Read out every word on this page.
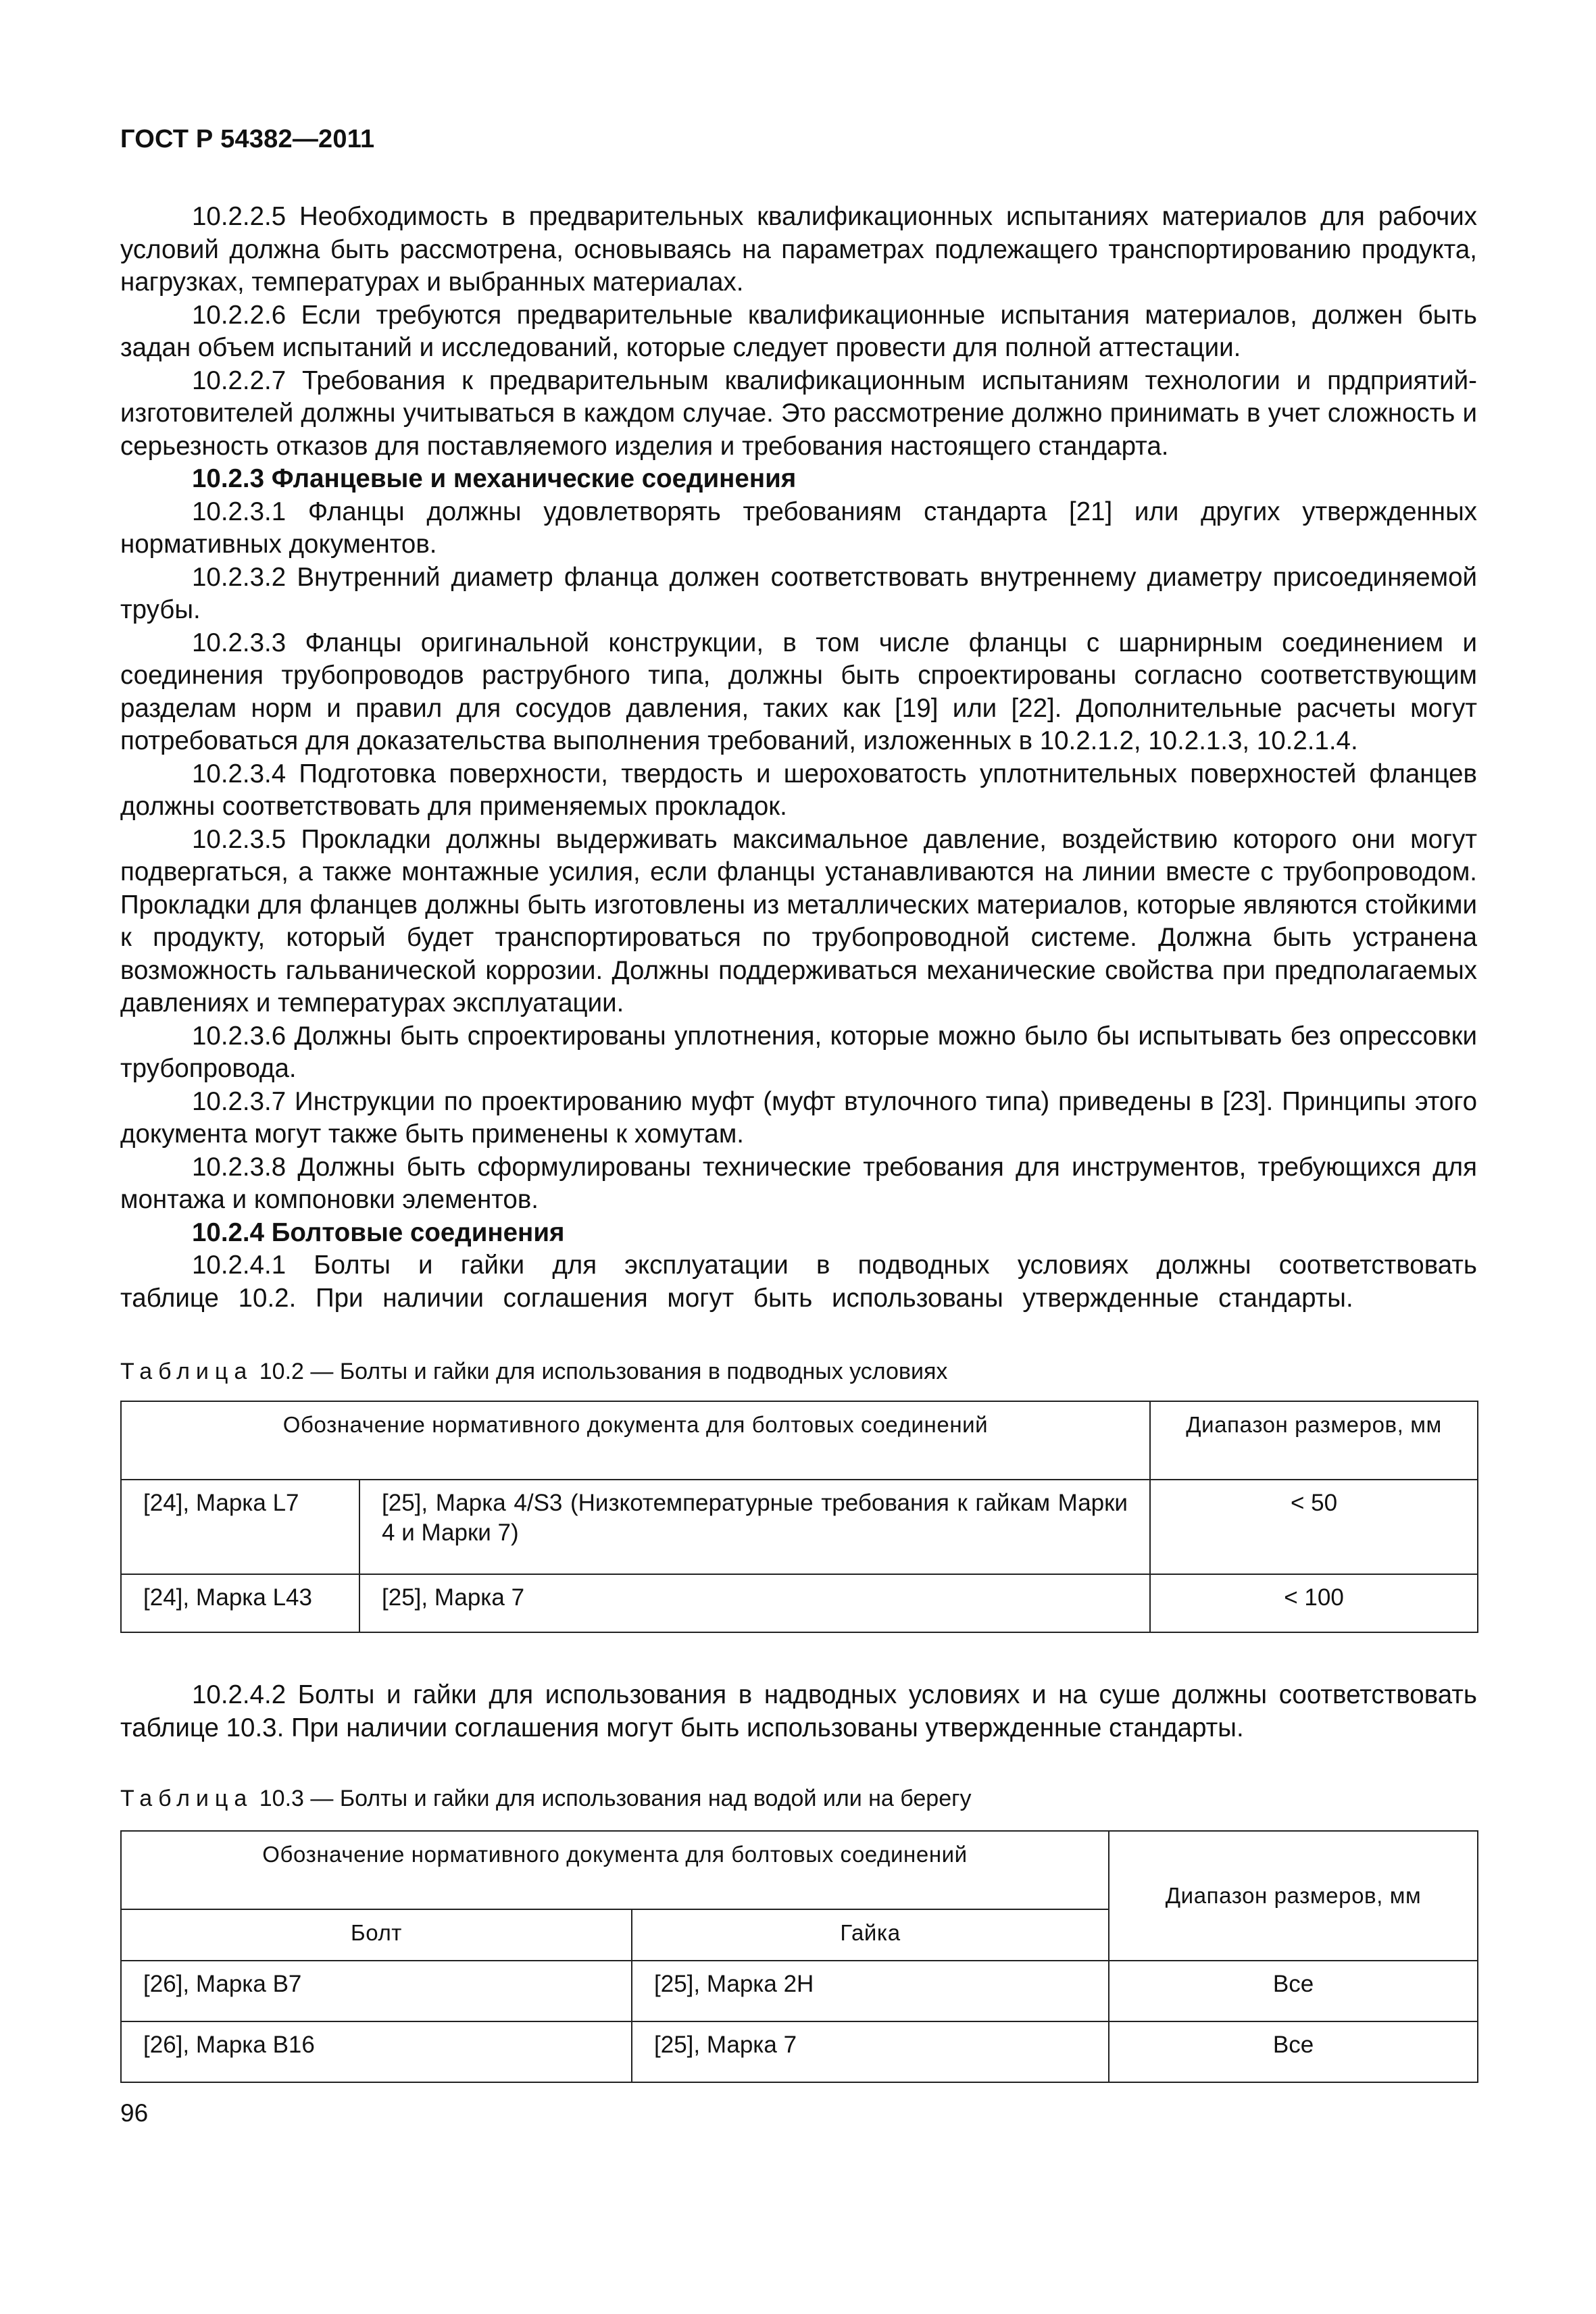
ГОСТ Р 54382—2011

10.2.2.5 Необходимость в предварительных квалификационных испытаниях материалов для рабочих условий должна быть рассмотрена, основываясь на параметрах подлежащего транспортированию продукта, нагрузках, температурах и выбранных материалах.

10.2.2.6 Если требуются предварительные квалификационные испытания материалов, должен быть задан объем испытаний и исследований, которые следует провести для полной аттестации.

10.2.2.7 Требования к предварительным квалификационным испытаниям технологии и прдприятий-изготовителей должны учитываться в каждом случае. Это рассмотрение должно принимать в учет сложность и серьезность отказов для поставляемого изделия и требования настоящего стандарта.

10.2.3 Фланцевые и механические соединения

10.2.3.1 Фланцы должны удовлетворять требованиям стандарта [21] или других утвержденных нормативных документов.

10.2.3.2 Внутренний диаметр фланца должен соответствовать внутреннему диаметру присоединяемой трубы.

10.2.3.3 Фланцы оригинальной конструкции, в том числе фланцы с шарнирным соединением и соединения трубопроводов раструбного типа, должны быть спроектированы согласно соответствующим разделам норм и правил для сосудов давления, таких как [19] или [22]. Дополнительные расчеты могут потребоваться для доказательства выполнения требований, изложенных в 10.2.1.2, 10.2.1.3, 10.2.1.4.

10.2.3.4 Подготовка поверхности, твердость и шероховатость уплотнительных поверхностей фланцев должны соответствовать для применяемых прокладок.

10.2.3.5 Прокладки должны выдерживать максимальное давление, воздействию которого они могут подвергаться, а также монтажные усилия, если фланцы устанавливаются на линии вместе с трубопроводом. Прокладки для фланцев должны быть изготовлены из металлических материалов, которые являются стойкими к продукту, который будет транспортироваться по трубопроводной системе. Должна быть устранена возможность гальванической коррозии. Должны поддерживаться механические свойства при предполагаемых давлениях и температурах эксплуатации.

10.2.3.6 Должны быть спроектированы уплотнения, которые можно было бы испытывать без опрессовки трубопровода.

10.2.3.7 Инструкции по проектированию муфт (муфт втулочного типа) приведены в [23]. Принципы этого документа могут также быть применены к хомутам.

10.2.3.8 Должны быть сформулированы технические требования для инструментов, требующихся для монтажа и компоновки элементов.

10.2.4 Болтовые соединения

10.2.4.1 Болты и гайки для эксплуатации в подводных условиях должны соответствовать таблице 10.2. При наличии соглашения могут быть использованы утвержденные стандарты.

Таблица 10.2 — Болты и гайки для использования в подводных условиях
Обозначение нормативного документа для болтовых соединений		Диапазон размеров, мм
[24], Марка L7	[25], Марка 4/S3 (Низкотемпературные требования к гайкам Марки 4 и Марки 7)	< 50
[24], Марка L43	[25], Марка 7	< 100

10.2.4.2 Болты и гайки для использования в надводных условиях и на суше должны соответствовать таблице 10.3. При наличии соглашения могут быть использованы утвержденные стандарты.

Таблица 10.3 — Болты и гайки для использования над водой или на берегу
Обозначение нормативного документа для болтовых соединений		Диапазон размеров, мм
Болт	Гайка	
[26], Марка В7	[25], Марка 2Н	Все
[26], Марка В16	[25], Марка 7	Все
96
